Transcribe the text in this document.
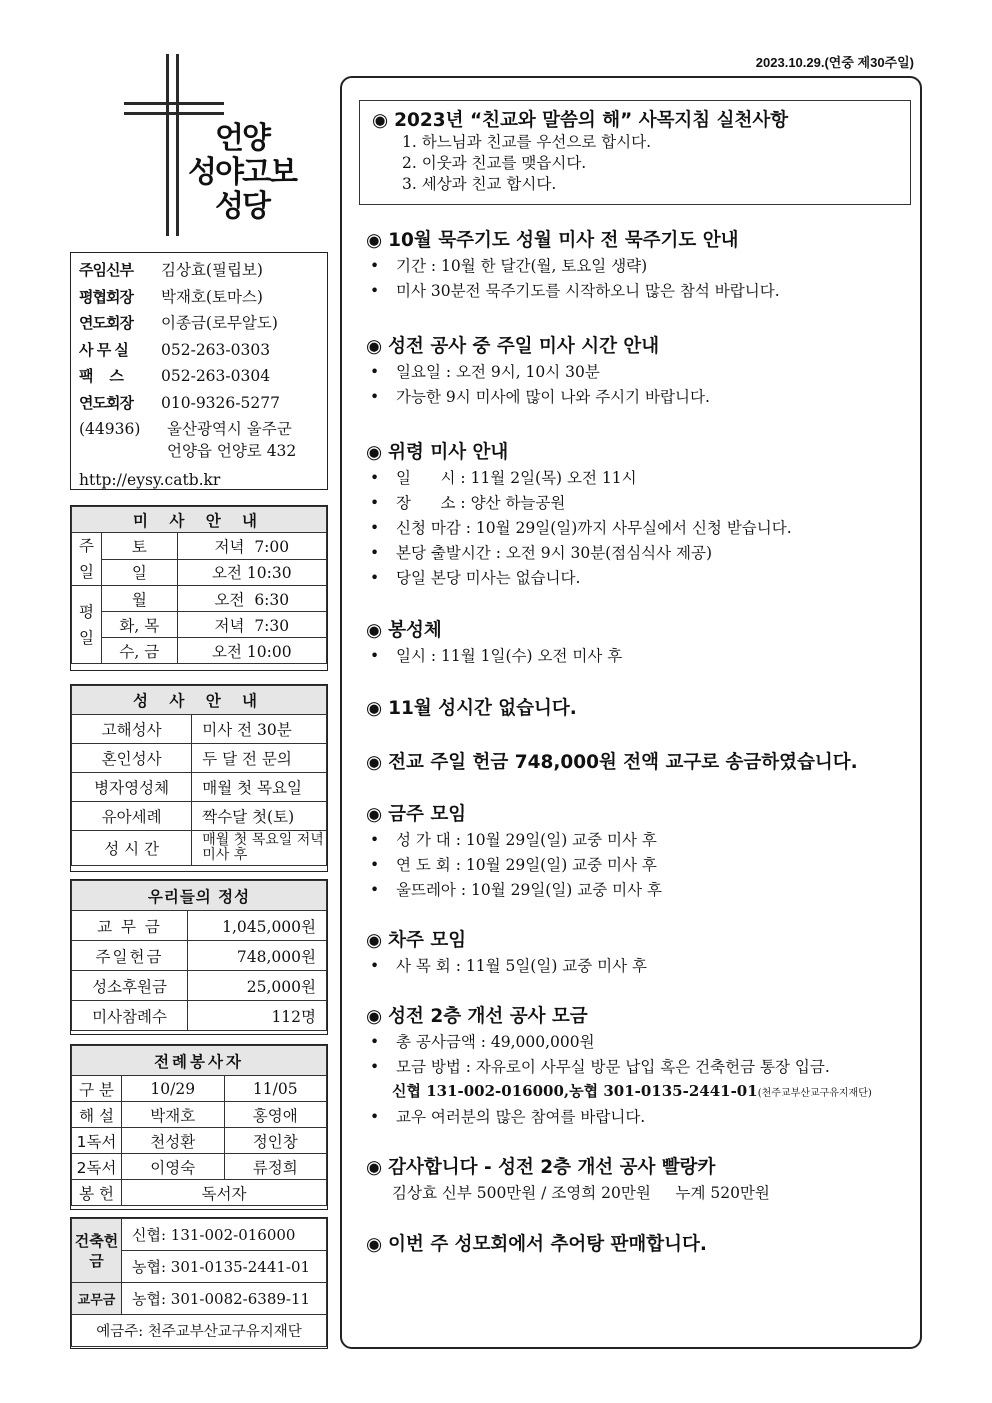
2023.10.29.(연중 제30주일)
언양
성야고보
성당
주임신부	김상효(필립보)
평협회장	박재호(토마스)
연도회장	이종금(로무알도)
사 무 실	052-263-0303
팩    스	052-263-0304
연도회장	010-9326-5277
(44936)	울산광역시 울주군
언양읍 언양로 432
http://eysy.catb.kr
미 사 안 내		
주일	토	저녁  7:00
	일	오전 10:30
평일	월	오전  6:30
	화, 목	저녁  7:30
	수, 금	오전 10:00
성 사 안 내	
고해성사	미사 전 30분
혼인성사	두 달 전 문의
병자영성체	매월 첫 목요일
유아세례	짝수달 첫(토)
성 시 간	매월 첫 목요일 저녁미사 후
우리들의 정성	
교 무 금	1,045,000원
주일헌금	748,000원
성소후원금	25,000원
미사참례수	112명
전례봉사자		
구 분	10/29	11/05
해 설	박재호	홍영애
1독서	천성환	정인창
2독서	이영숙	류정희
봉 헌	독서자	
건축헌금	신협: 131-002-016000
	농협: 301-0135-2441-01
교무금	농협: 301-0082-6389-11
예금주: 천주교부산교구유지재단	
◉ 2023년 “친교와 말씀의 해” 사목지침 실천사항
1. 하느님과 친교를 우선으로 합시다.
2. 이웃과 친교를 맺읍시다.
3. 세상과 친교 합시다.
◉ 10월 묵주기도 성월 미사 전 묵주기도 안내
• 기간 : 10월 한 달간(월, 토요일 생략)
• 미사 30분전 묵주기도를 시작하오니 많은 참석 바랍니다.
◉ 성전 공사 중 주일 미사 시간 안내
• 일요일 : 오전 9시, 10시 30분
• 가능한 9시 미사에 많이 나와 주시기 바랍니다.
◉ 위령 미사 안내
• 일      시 : 11월 2일(목) 오전 11시
• 장      소 : 양산 하늘공원
• 신청 마감 : 10월 29일(일)까지 사무실에서 신청 받습니다.
• 본당 출발시간 : 오전 9시 30분(점심식사 제공)
• 당일 본당 미사는 없습니다.
◉ 봉성체
• 일시 : 11월 1일(수) 오전 미사 후
◉ 11월 성시간 없습니다.
◉ 전교 주일 헌금 748,000원 전액 교구로 송금하였습니다.
◉ 금주 모임
• 성 가 대 : 10월 29일(일) 교중 미사 후
• 연 도 회 : 10월 29일(일) 교중 미사 후
• 울뜨레아 : 10월 29일(일) 교중 미사 후
◉ 차주 모임
• 사 목 회 : 11월 5일(일) 교중 미사 후
◉ 성전 2층 개선 공사 모금
• 총 공사금액 : 49,000,000원
• 모금 방법 : 자유로이 사무실 방문 납입 혹은 건축헌금 통장 입금.
신협 131-002-016000,농협 301-0135-2441-01(천주교부산교구유지재단)
• 교우 여러분의 많은 참여를 바랍니다.
◉ 감사합니다 - 성전 2층 개선 공사 빨랑카
김상효 신부 500만원 / 조영희 20만원     누계 520만원
◉ 이번 주 성모회에서 추어탕 판매합니다.
